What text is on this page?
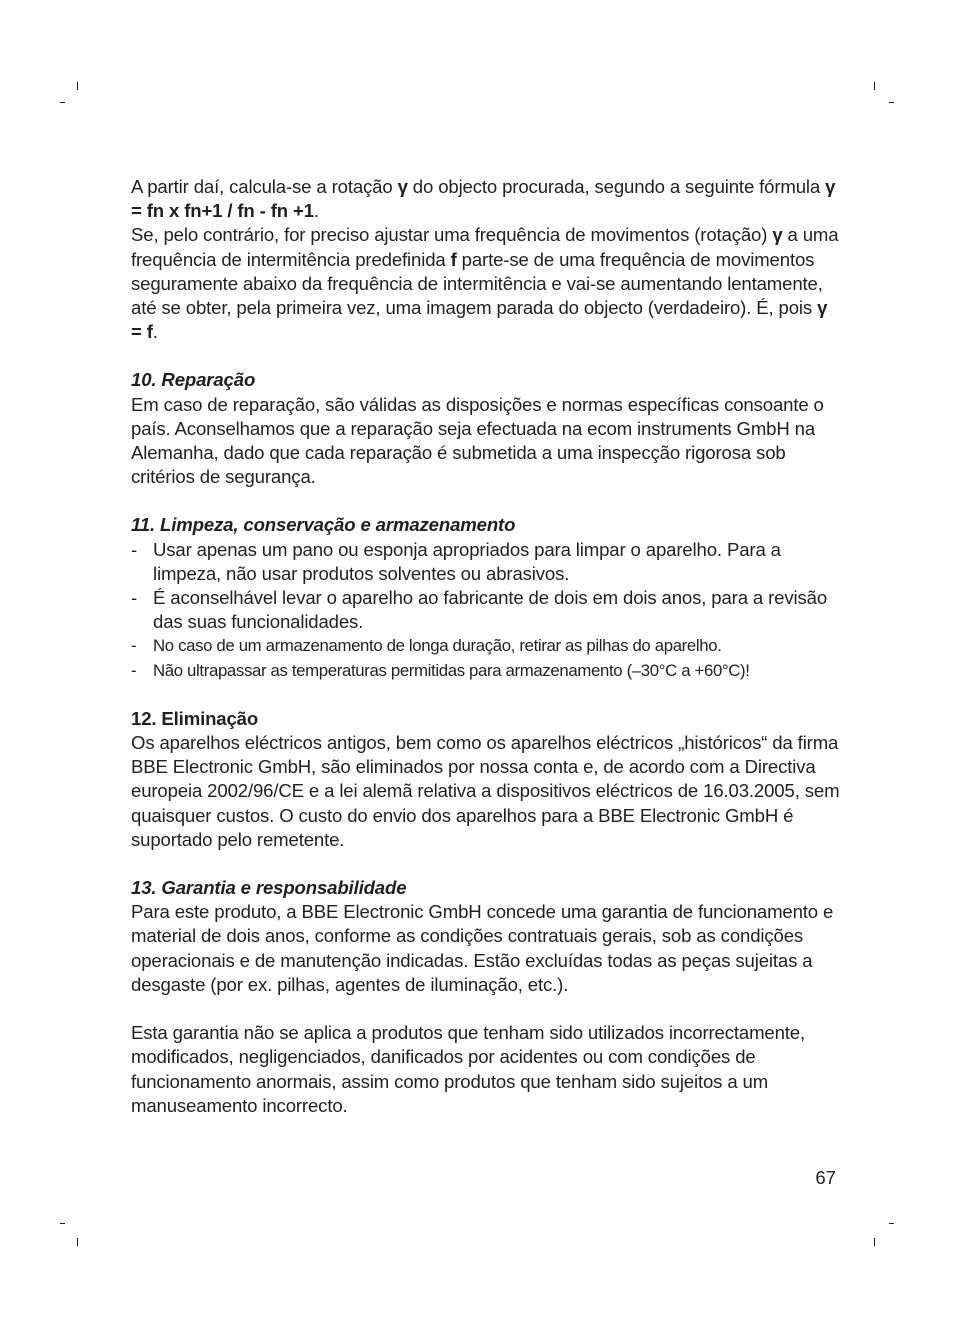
A partir daí, calcula-se a rotação γ do objecto procurada, segundo a seguinte fórmula γ = fn x fn+1 / fn - fn +1.

Se, pelo contrário, for preciso ajustar uma frequência de movimentos (rotação) γ a uma frequência de intermitência predefinida f parte-se de uma frequência de movimentos seguramente abaixo da frequência de intermitência e vai-se aumentando lentamente, até se obter, pela primeira vez, uma imagem parada do objecto (verdadeiro). É, pois γ = f.

10. Reparação

Em caso de reparação, são válidas as disposições e normas específicas consoante o país. Aconselhamos que a reparação seja efectuada na ecom instruments GmbH na Alemanha, dado que cada reparação é submetida a uma inspecção rigorosa sob critérios de segurança.

11. Limpeza, conservação e armazenamento

- Usar apenas um pano ou esponja apropriados para limpar o aparelho. Para a limpeza, não usar produtos solventes ou abrasivos.
- É aconselhável levar o aparelho ao fabricante de dois em dois anos, para a revisão das suas funcionalidades.
- No caso de um armazenamento de longa duração, retirar as pilhas do aparelho.
- Não ultrapassar as temperaturas permitidas para armazenamento (–30°C a +60°C)!

12. Eliminação

Os aparelhos eléctricos antigos, bem como os aparelhos eléctricos „históricos“ da firma BBE Electronic GmbH, são eliminados por nossa conta e, de acordo com a Directiva europeia 2002/96/CE e a lei alemã relativa a dispositivos eléctricos de 16.03.2005, sem quaisquer custos. O custo do envio dos aparelhos para a BBE Electronic GmbH é suportado pelo remetente.

13. Garantia e responsabilidade

Para este produto, a BBE Electronic GmbH concede uma garantia de funcionamento e material de dois anos, conforme as condições contratuais gerais, sob as condições operacionais e de manutenção indicadas. Estão excluídas todas as peças sujeitas a desgaste (por ex. pilhas, agentes de iluminação, etc.).

Esta garantia não se aplica a produtos que tenham sido utilizados incorrectamente, modificados, negligenciados, danificados por acidentes ou com condições de funcionamento anormais, assim como produtos que tenham sido sujeitos a um manuseamento incorrecto.

67
